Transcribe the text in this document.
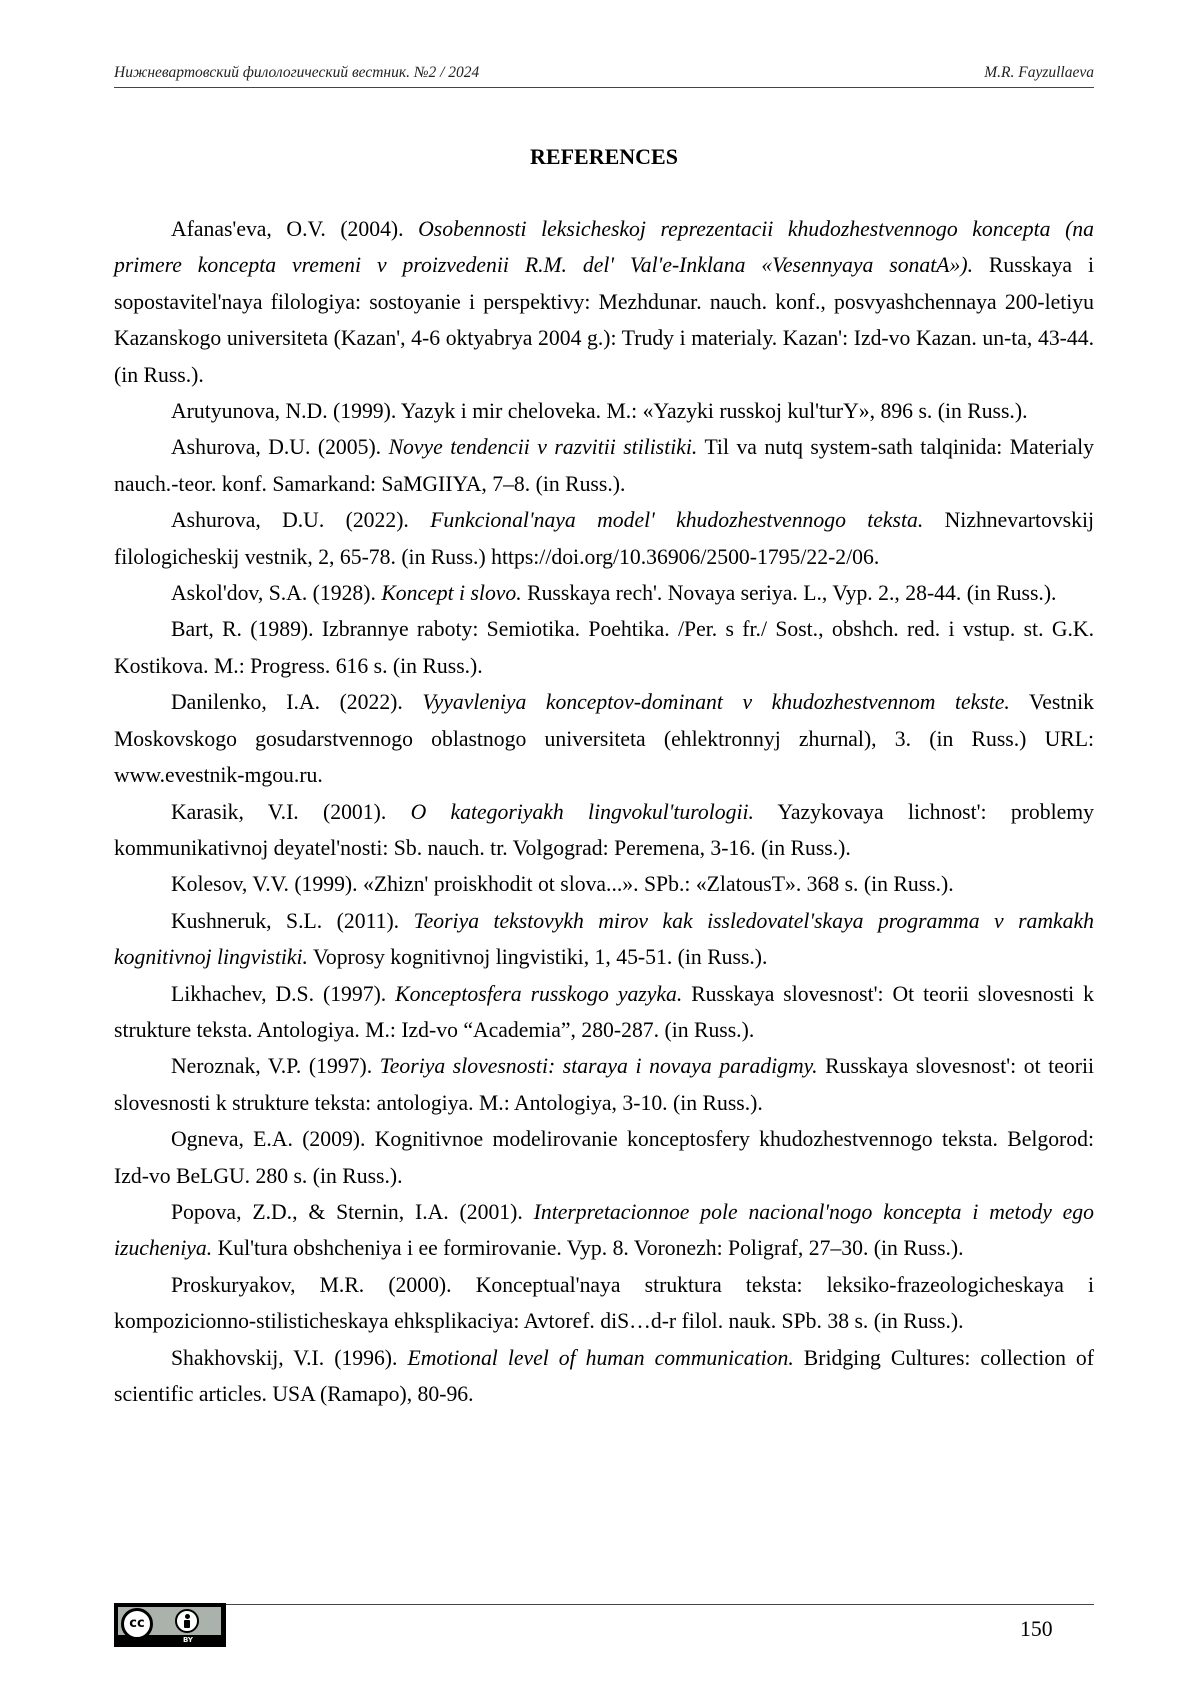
Нижневартовский филологический вестник. №2 / 2024	M.R. Fayzullaeva
REFERENCES
Afanas'eva, O.V. (2004). Osobennosti leksicheskoj reprezentacii khudozhestvennogo koncepta (na primere koncepta vremeni v proizvedenii R.M. del' Val'e-Inklana «Vesennyaya sonatA»). Russkaya i sopostavitel'naya filologiya: sostoyanie i perspektivy: Mezhdunar. nauch. konf., posvyashchennaya 200-letiyu Kazanskogo universiteta (Kazan', 4-6 oktyabrya 2004 g.): Trudy i materialy. Kazan': Izd-vo Kazan. un-ta, 43-44. (in Russ.).
Arutyunova, N.D. (1999). Yazyk i mir cheloveka. M.: «Yazyki russkoj kul'turY», 896 s. (in Russ.).
Ashurova, D.U. (2005). Novye tendencii v razvitii stilistiki. Til va nutq system-sath talqinida: Materialy nauch.-teor. konf. Samarkand: SaMGIIYA, 7–8. (in Russ.).
Ashurova, D.U. (2022). Funkcional'naya model' khudozhestvennogo teksta. Nizhnevartovskij filologicheskij vestnik, 2, 65-78. (in Russ.) https://doi.org/10.36906/2500-1795/22-2/06.
Askol'dov, S.A. (1928). Koncept i slovo. Russkaya rech'. Novaya seriya. L., Vyp. 2., 28-44. (in Russ.).
Bart, R. (1989). Izbrannye raboty: Semiotika. Poehtika. /Per. s fr./ Sost., obshch. red. i vstup. st. G.K. Kostikova. M.: Progress. 616 s. (in Russ.).
Danilenko, I.A. (2022). Vyyavleniya konceptov-dominant v khudozhestvennom tekste. Vestnik Moskovskogo gosudarstvennogo oblastnogo universiteta (ehlektronnyj zhurnal), 3. (in Russ.) URL: www.evestnik-mgou.ru.
Karasik, V.I. (2001). O kategoriyakh lingvokul'turologii. Yazykovaya lichnost': problemy kommunikativnoj deyatel'nosti: Sb. nauch. tr. Volgograd: Peremena, 3-16. (in Russ.).
Kolesov, V.V. (1999). «Zhizn' proiskhodit ot slova...». SPb.: «ZlatousT». 368 s. (in Russ.).
Kushneruk, S.L. (2011). Teoriya tekstovykh mirov kak issledovatel'skaya programma v ramkakh kognitivnoj lingvistiki. Voprosy kognitivnoj lingvistiki, 1, 45-51. (in Russ.).
Likhachev, D.S. (1997). Konceptosfera russkogo yazyka. Russkaya slovesnost': Ot teorii slovesnosti k strukture teksta. Antologiya. M.: Izd-vo “Academia”, 280-287. (in Russ.).
Neroznak, V.P. (1997). Teoriya slovesnosti: staraya i novaya paradigmy. Russkaya slovesnost': ot teorii slovesnosti k strukture teksta: antologiya. M.: Antologiya, 3-10. (in Russ.).
Ogneva, E.A. (2009). Kognitivnoe modelirovanie konceptosfery khudozhestvennogo teksta. Belgorod: Izd-vo BeLGU. 280 s. (in Russ.).
Popova, Z.D., & Sternin, I.A. (2001). Interpretacionnoe pole nacional'nogo koncepta i metody ego izucheniya. Kul'tura obshcheniya i ee formirovanie. Vyp. 8. Voronezh: Poligraf, 27–30. (in Russ.).
Proskuryakov, M.R. (2000). Konceptual'naya struktura teksta: leksiko-frazeologicheskaya i kompozicionno-stilisticheskaya ehksplikaciya: Avtoref. diS…d-r filol. nauk. SPb. 38 s. (in Russ.).
Shakhovskij, V.I. (1996). Emotional level of human communication. Bridging Cultures: collection of scientific articles. USA (Ramapo), 80-96.
cc
BY	150
